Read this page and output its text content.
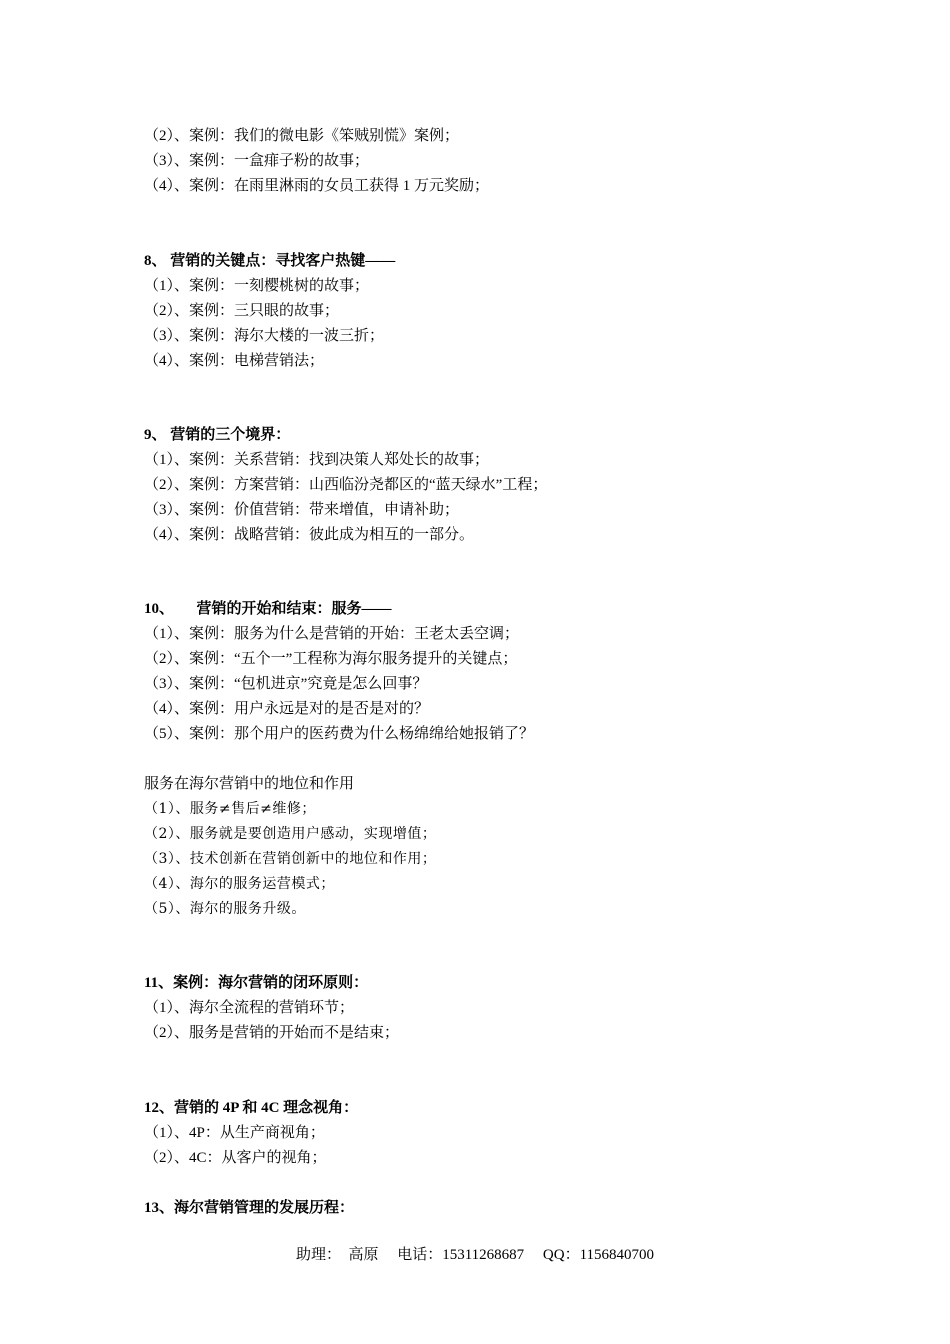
（2）、案例：我们的微电影《笨贼别慌》案例；
（3）、案例：一盒痱子粉的故事；
（4）、案例：在雨里淋雨的女员工获得 1 万元奖励；
8、 营销的关键点：寻找客户热键——
（1）、案例：一刻樱桃树的故事；
（2）、案例：三只眼的故事；
（3）、案例：海尔大楼的一波三折；
（4）、案例：电梯营销法；
9、 营销的三个境界：
（1）、案例：关系营销：找到决策人郑处长的故事；
（2）、案例：方案营销：山西临汾尧都区的“蓝天绿水”工程；
（3）、案例：价值营销：带来增值，申请补助；
（4）、案例：战略营销：彼此成为相互的一部分。
10、      营销的开始和结束：服务——
（1）、案例：服务为什么是营销的开始：王老太丢空调；
（2）、案例：“五个一”工程称为海尔服务提升的关键点；
（3）、案例：“包机进京”究竟是怎么回事？
（4）、案例：用户永远是对的是否是对的？
（5）、案例：那个用户的医药费为什么杨绵绵给她报销了？
服务在海尔营销中的地位和作用
（1）、服务≠售后≠维修；
（2）、服务就是要创造用户感动，实现增值；
（3）、技术创新在营销创新中的地位和作用；
（4）、海尔的服务运营模式；
（5）、海尔的服务升级。
11、案例：海尔营销的闭环原则：
（1）、海尔全流程的营销环节；
（2）、服务是营销的开始而不是结束；
12、营销的 4P 和 4C 理念视角：
（1）、4P：从生产商视角；
（2）、4C：从客户的视角；
13、海尔营销管理的发展历程：
助理：  高原     电话：15311268687     QQ：1156840700
